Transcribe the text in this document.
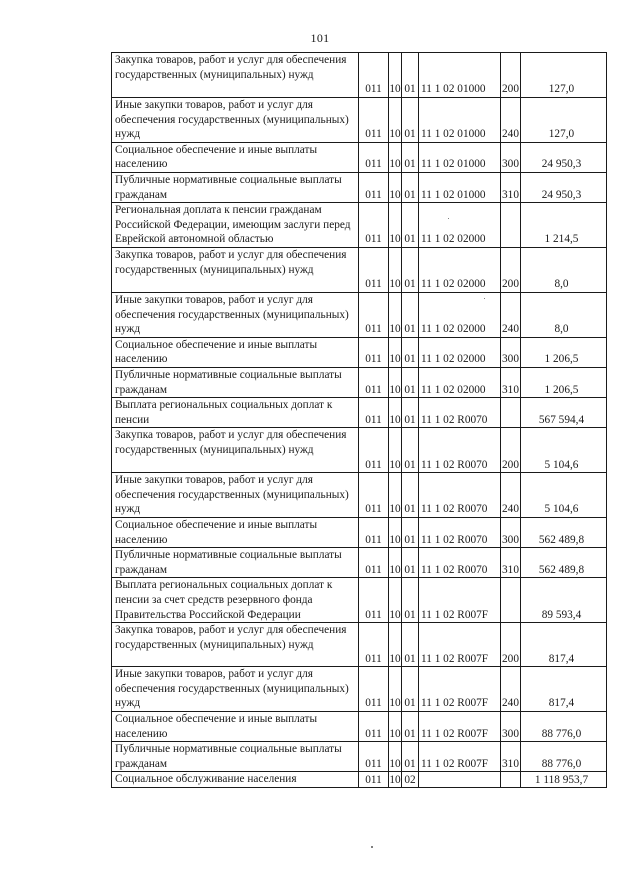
101
Закупка товаров, работ и услуг для обеспечения государственных (муниципальных) нужд	011	10	01	11 1 02 01000	200	127,0
Иные закупки товаров, работ и услуг для обеспечения государственных (муниципальных) нужд	011	10	01	11 1 02 01000	240	127,0
Социальное обеспечение и иные выплаты населению	011	10	01	11 1 02 01000	300	24 950,3
Публичные нормативные социальные выплаты гражданам	011	10	01	11 1 02 01000	310	24 950,3
Региональная доплата к пенсии гражданам Российской Федерации, имеющим заслуги перед Еврейской автономной областью	011	10	01	11 1 02 02000		1 214,5
Закупка товаров, работ и услуг для обеспечения государственных (муниципальных) нужд	011	10	01	11 1 02 02000	200	8,0
Иные закупки товаров, работ и услуг для обеспечения государственных (муниципальных) нужд	011	10	01	11 1 02 02000	240	8,0
Социальное обеспечение и иные выплаты населению	011	10	01	11 1 02 02000	300	1 206,5
Публичные нормативные социальные выплаты гражданам	011	10	01	11 1 02 02000	310	1 206,5
Выплата региональных социальных доплат к пенсии	011	10	01	11 1 02 R0070		567 594,4
Закупка товаров, работ и услуг для обеспечения государственных (муниципальных) нужд	011	10	01	11 1 02 R0070	200	5 104,6
Иные закупки товаров, работ и услуг для обеспечения государственных (муниципальных) нужд	011	10	01	11 1 02 R0070	240	5 104,6
Социальное обеспечение и иные выплаты населению	011	10	01	11 1 02 R0070	300	562 489,8
Публичные нормативные социальные выплаты гражданам	011	10	01	11 1 02 R0070	310	562 489,8
Выплата региональных социальных доплат к пенсии за счет средств резервного фонда Правительства Российской Федерации	011	10	01	11 1 02 R007F		89 593,4
Закупка товаров, работ и услуг для обеспечения государственных (муниципальных) нужд	011	10	01	11 1 02 R007F	200	817,4
Иные закупки товаров, работ и услуг для обеспечения государственных (муниципальных) нужд	011	10	01	11 1 02 R007F	240	817,4
Социальное обеспечение и иные выплаты населению	011	10	01	11 1 02 R007F	300	88 776,0
Публичные нормативные социальные выплаты гражданам	011	10	01	11 1 02 R007F	310	88 776,0
Социальное обслуживание населения	011	10	02			1 118 953,7
